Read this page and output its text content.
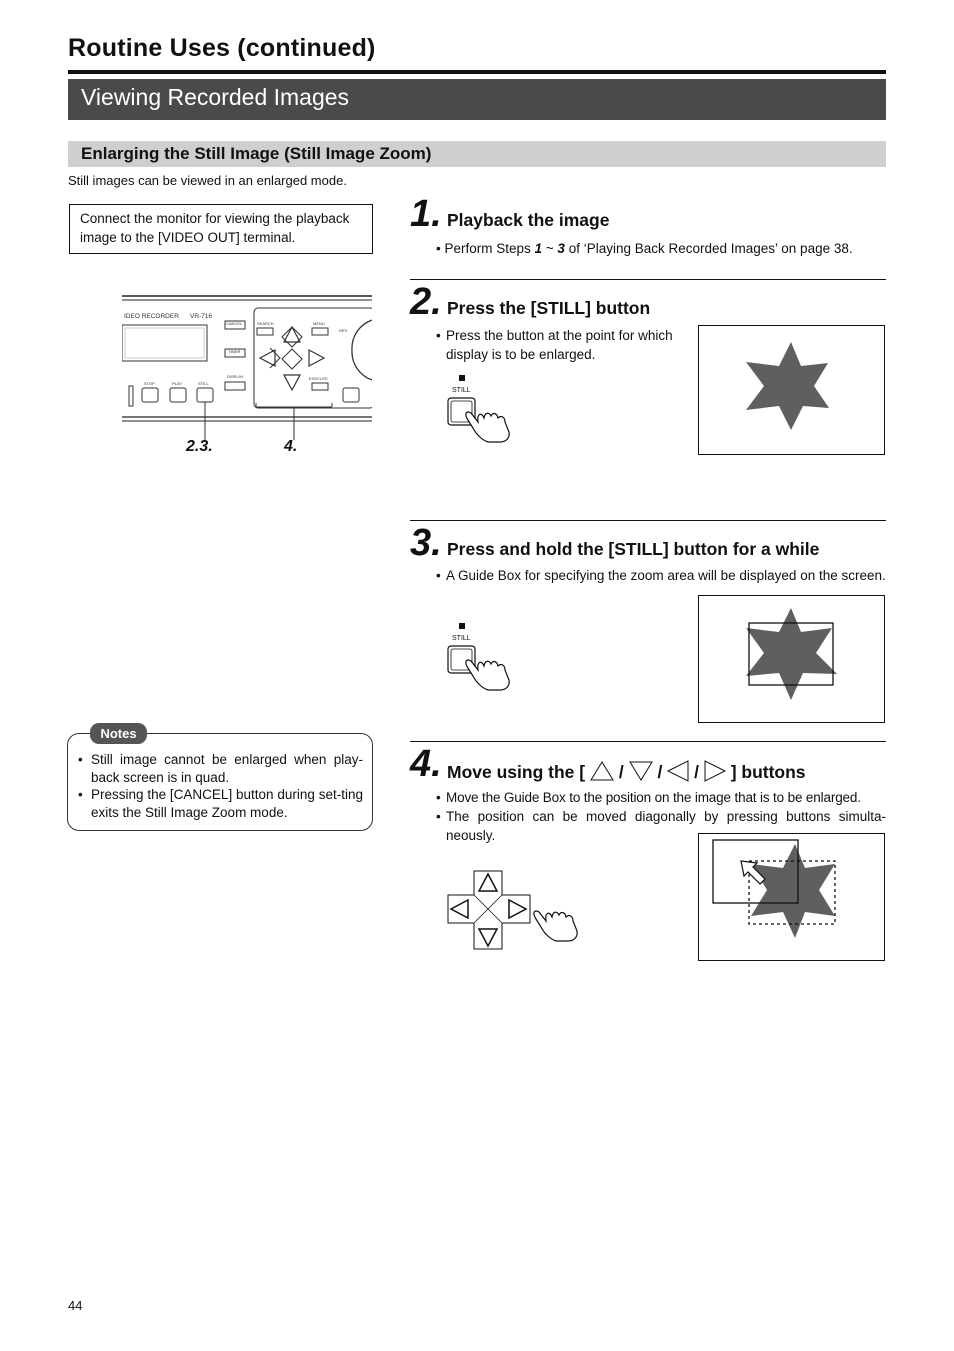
Routine Uses (continued)
Viewing Recorded Images
Enlarging the Still Image (Still Image Zoom)
Still images can be viewed in an enlarged mode.
Connect the monitor for viewing the playback image to the [VIDEO OUT] terminal.
IDEO RECORDER VR-716
CANCEL
TIMER
DISPLAY
SEARCH	MENU
EXECUTE
REV
STOP	PLAY	STILL
2.3.	4.
1. Playback the image
• Perform Steps 1 ~ 3 of ‘Playing Back Recorded Images’ on page 38.
2. Press the [STILL] button
• Press the button at the point for which display is to be enlarged.
STILL
3. Press and hold the [STILL] button for a while
• A Guide Box for specifying the zoom area will be displayed on the screen.
STILL
4. Move using the [ / / / ] buttons
• Move the Guide Box to the position on the image that is to be enlarged.
• The position can be moved diagonally by pressing buttons simulta-neously.
Notes
• Still image cannot be enlarged when play-back screen is in quad.
• Pressing the [CANCEL] button during set-ting exits the Still Image Zoom mode.
44
